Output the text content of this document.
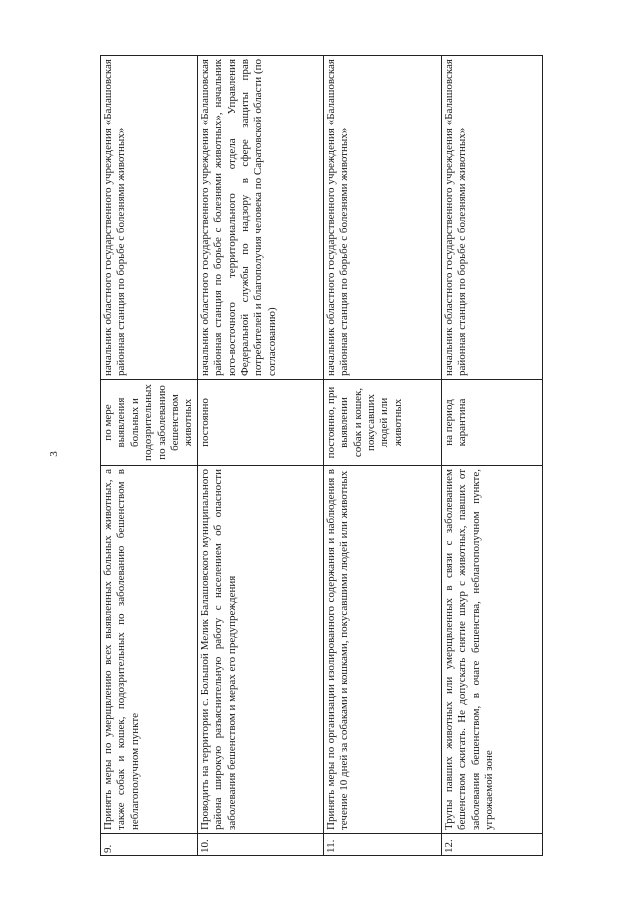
3
9.	Принять меры по умерщвлению всех выявленных больных животных, а также собак и кошек, подозрительных по заболеванию бешенством в неблагополучном пункте	по мере выявления больных и подозрительных по заболеванию бешенством животных	начальник областного государственного учреждения «Балашовская районная станция по борьбе с болезнями животных»
10.	Проводить на территории с. Большой Мелик Балашовского муниципального района широкую разъяснительную работу с населением об опасности заболевания бешенством и мерах его предупреждения	постоянно	начальник областного государственного учреждения «Балашовская районная станция по борьбе с болезнями животных», начальник юго-восточного территориального отдела Управления Федеральной службы по надзору в сфере защиты прав потребителей и благополучия человека по Саратовской области (по согласованию)
11.	Принять меры по организации изолированного содержания и наблюдения в течение 10 дней за собаками и кошками, покусавшими людей или животных	постоянно, при выявлении собак и кошек, покусавших людей или животных	начальник областного государственного учреждения «Балашовская районная станция по борьбе с болезнями животных»
12.	Трупы павших животных или умерщвленных в связи с заболеванием бешенством сжигать. Не допускать снятие шкур с животных, павших от заболевания бешенством, в очаге бешенства, неблагополучном пункте, угрожаемой зоне	на период карантина	начальник областного государственного учреждения «Балашовская районная станция по борьбе с болезнями животных»
